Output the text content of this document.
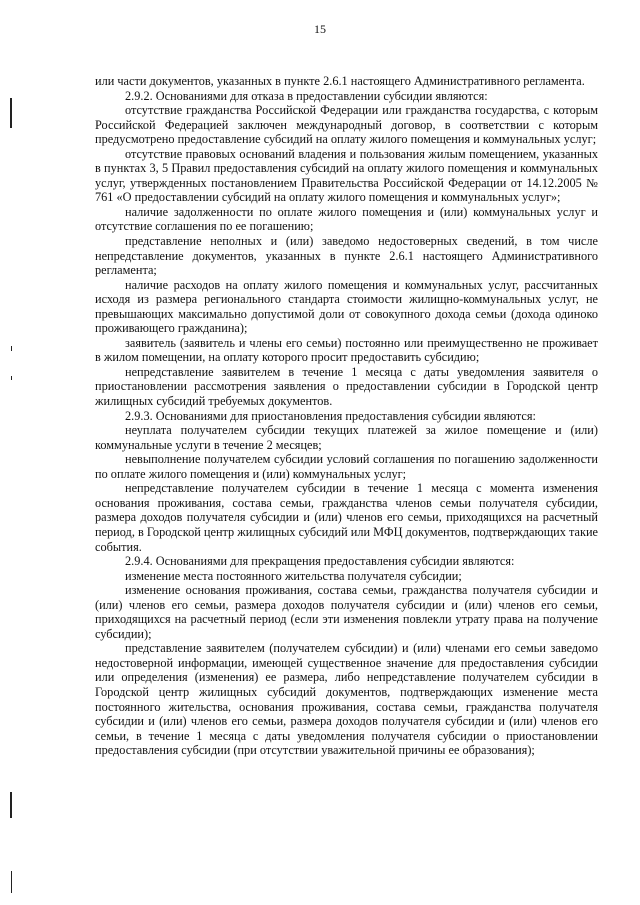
15

или части документов, указанных в пункте 2.6.1 настоящего Административного регламента.

2.9.2. Основаниями для отказа в предоставлении субсидии являются:

отсутствие гражданства Российской Федерации или гражданства государства, с которым Российской Федерацией заключен международный договор, в соответствии с которым предусмотрено предоставление субсидий на оплату жилого помещения и коммунальных услуг;

отсутствие правовых оснований владения и пользования жилым помещением, указанных в пунктах 3, 5 Правил предоставления субсидий на оплату жилого помещения и коммунальных услуг, утвержденных постановлением Правительства Российской Федерации от 14.12.2005 № 761 «О предоставлении субсидий на оплату жилого помещения и коммунальных услуг»;

наличие задолженности по оплате жилого помещения и (или) коммунальных услуг и отсутствие соглашения по ее погашению;

представление неполных и (или) заведомо недостоверных сведений, в том числе непредставление документов, указанных в пункте 2.6.1 настоящего Административного регламента;

наличие расходов на оплату жилого помещения и коммунальных услуг, рассчитанных исходя из размера регионального стандарта стоимости жилищно-коммунальных услуг, не превышающих максимально допустимой доли от совокупного дохода семьи (дохода одиноко проживающего гражданина);

заявитель (заявитель и члены его семьи) постоянно или преимущественно не проживает в жилом помещении, на оплату которого просит предоставить субсидию;

непредставление заявителем в течение 1 месяца с даты уведомления заявителя о приостановлении рассмотрения заявления о предоставлении субсидии в Городской центр жилищных субсидий требуемых документов.

2.9.3. Основаниями для приостановления предоставления субсидии являются:

неуплата получателем субсидии текущих платежей за жилое помещение и (или) коммунальные услуги в течение 2 месяцев;

невыполнение получателем субсидии условий соглашения по погашению задолженности по оплате жилого помещения и (или) коммунальных услуг;

непредставление получателем субсидии в течение 1 месяца с момента изменения основания проживания, состава семьи, гражданства членов семьи получателя субсидии, размера доходов получателя субсидии и (или) членов его семьи, приходящихся на расчетный период, в Городской центр жилищных субсидий или МФЦ документов, подтверждающих такие события.

2.9.4. Основаниями для прекращения предоставления субсидии являются:

изменение места постоянного жительства получателя субсидии;

изменение основания проживания, состава семьи, гражданства получателя субсидии и (или) членов его семьи, размера доходов получателя субсидии и (или) членов его семьи, приходящихся на расчетный период (если эти изменения повлекли утрату права на получение субсидии);

представление заявителем (получателем субсидии) и (или) членами его семьи заведомо недостоверной информации, имеющей существенное значение для предоставления субсидии или определения (изменения) ее размера, либо непредставление получателем субсидии в Городской центр жилищных субсидий документов, подтверждающих изменение места постоянного жительства, основания проживания, состава семьи, гражданства получателя субсидии и (или) членов его семьи, размера доходов получателя субсидии и (или) членов его семьи, в течение 1 месяца с даты уведомления получателя субсидии о приостановлении предоставления субсидии (при отсутствии уважительной причины ее образования);
